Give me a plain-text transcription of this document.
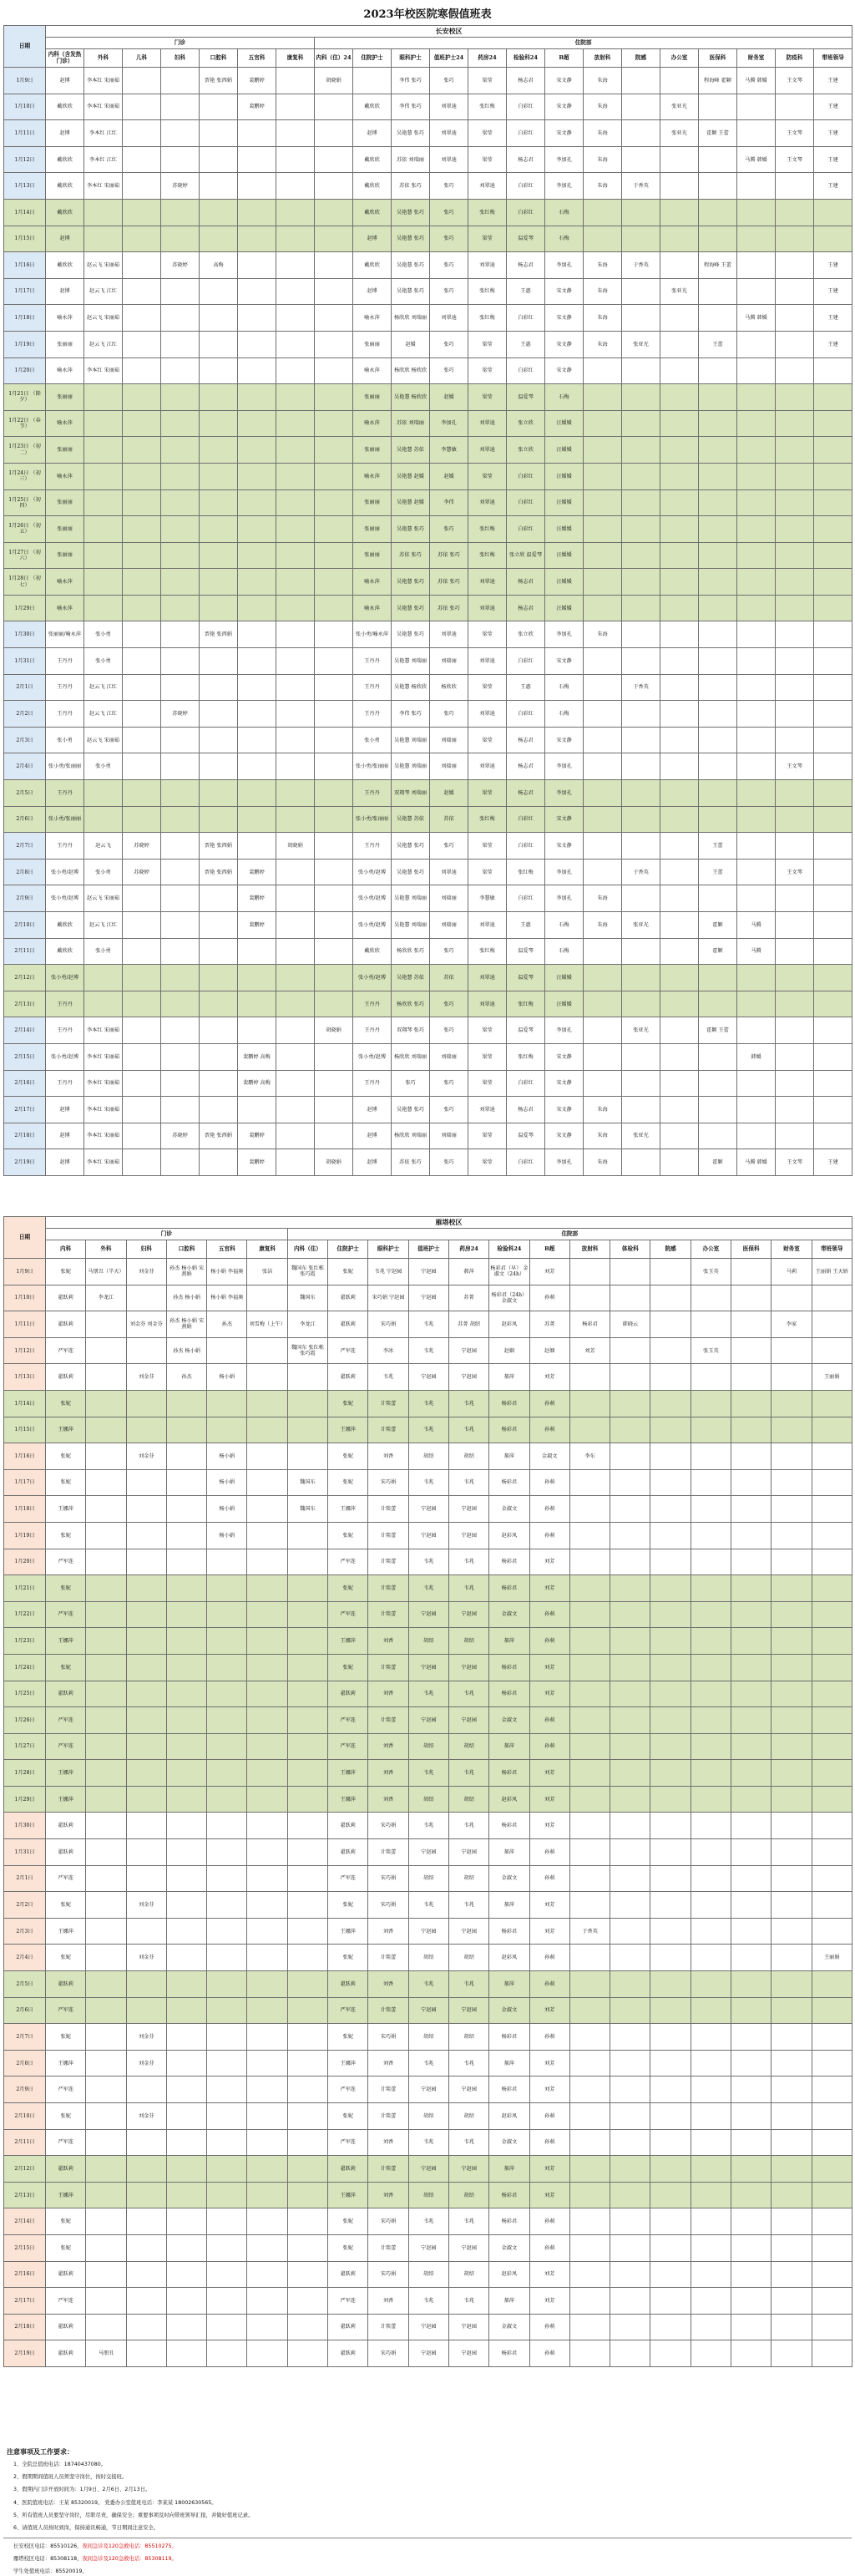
2023年校医院寒假值班表
日期	长安校区																				
	门诊							住院部													
	内科（含发热门诊）	外科	儿科	妇科	口腔科	五官科	康复科	内科（住）24	住院护士	眼科护士	值班护士24	药房24	检验科24	B超	放射科	院感	办公室	医保科	财务室	防疫科	带班领导
1月9日	赵博	李本红 宋丽茹			贾艳 张西娟	裴鹏婷		胡晓娟		李伟 张巧	张巧	梁莹	杨志君	宋文静	朱海			程海峰 霍颖	马腾 韩媛	王文琴	王建
1月10日	戴欣欣	李本红 宋丽茹				裴鹏婷			戴欣欣	李伟 张巧	刘翠迪	张红梅	白彩红	宋文静	朱海		张亚光				王建
1月11日	赵博	李本红 江红							赵博	吴艳慧 张巧	刘翠迪	梁莹	白彩红	宋文静	朱海		张亚光	霍颖 王蕾		王文琴	王建
1月12日	戴欣欣	李本红 江红							戴欣欣	苏依 刘瑞丽	刘翠迪	梁莹	杨志君	李加孔	朱海				马腾 韩媛	王文琴	王建
1月13日	戴欣欣	李本红 宋丽茹		苏晓婷					戴欣欣	苏依 张巧	张巧	刘翠迪	白彩红	李加孔	朱海	于香英					王建
1月14日	戴欣欣								戴欣欣	吴艳慧 张巧	张巧	张红梅	白彩红	石梅							
1月15日	赵博								赵博	吴艳慧 张巧	张巧	梁莹	温爱琴	石梅							
1月16日	戴欣欣	赵云飞 宋丽茹		苏晓婷	高梅				戴欣欣	吴艳慧 张巧	张巧	刘翠迪	杨志君	李加孔	朱海	于香英		程海峰 王蕾			王建
1月17日	赵博	赵云飞 江红							赵博	吴艳慧 张巧	张巧	张红梅	王惠	宋文静	朱海		张亚光				王建
1月18日	喻永萍	赵云飞 宋丽茹							喻永萍	杨欣欣 刘瑞丽	刘翠迪	张红梅	白彩红	宋文静	朱海				马腾 韩媛		王建
1月19日	张丽丽	赵云飞 江红							张丽丽	赵媛	张巧	梁莹	王惠	宋文静	朱海	张亚光		王蕾			王建
1月20日	喻永萍	李本红 宋丽茹							喻永萍	杨欣欣 杨欣欣	张巧	梁莹	白彩红	宋文静							
1月21日 （除夕）	张丽丽								张丽丽	吴艳慧 杨欣欣	赵媛	梁莹	温爱琴	石梅							
1月22日 （春节）	喻永萍								喻永萍	苏依 刘瑞丽	李加孔	刘翠迪	张立欣	汪媛媛							
1月23日 （初二）	张丽丽								张丽丽	吴艳慧 苏依	李慧敏	刘翠迪	张立欣	汪媛媛							
1月24日 （初三）	喻永萍								喻永萍	吴艳慧 赵媛	赵媛	梁莹	白彩红	汪媛媛							
1月25日 （初四）	张丽丽								张丽丽	吴艳慧 赵媛	李伟	刘翠迪	白彩红	汪媛媛							
1月26日 （初五）	张丽丽								张丽丽	吴艳慧 张巧	张巧	张红梅	白彩红	汪媛媛							
1月27日 （初六）	张丽丽								张丽丽	苏依 张巧	苏依 张巧	张红梅	张立欣 温爱琴	汪媛媛							
1月28日 （初七）	喻永萍								喻永萍	吴艳慧 张巧	苏依 张巧	刘翠迪	杨志君	汪媛媛							
1月29日	喻永萍								喻永萍	吴艳慧 张巧	苏依 张巧	刘翠迪	杨志君	汪媛媛							
1月30日	张丽丽/喻永萍	张小勇			贾艳 张西娟				张小勇/喻永萍	吴艳慧 张巧	刘翠迪	梁莹	张立欣	李加孔	朱海						
1月31日	王丹丹	张小勇							王丹丹	吴艳慧 刘瑞丽	刘瑞丽	刘翠迪	白彩红	宋文静							
2月1日	王丹丹	赵云飞 江红							王丹丹	吴艳慧 杨欣欣	杨欣欣	梁莹	王惠	石梅		于香英					
2月2日	王丹丹	赵云飞 江红		苏晓婷					王丹丹	李伟 张巧	张巧	刘翠迪	白彩红	石梅							
2月3日	张小勇	赵云飞 宋丽茹							张小勇	吴艳慧 刘瑞丽	刘瑞丽	梁莹	杨志君	宋文静							
2月4日	张小勇/张丽丽	张小勇							张小勇/张丽丽	吴艳慧 刘瑞丽	刘瑞丽	刘翠迪	杨志君	李加孔						王文琴	
2月5日	王丹丹								王丹丹	双翔琴 刘瑞丽	赵媛	梁莹	杨志君	李加孔							
2月6日	张小勇/张丽丽								张小勇/张丽丽	吴艳慧 苏依	苏依	张红梅	白彩红	宋文静							
2月7日	王丹丹	赵云飞	苏晓婷		贾艳 张西娟		胡晓娟		王丹丹	吴艳慧 张巧	张巧	梁莹	白彩红	宋文静				王蕾			
2月8日	张小勇/赵博	张小勇	苏晓婷		贾艳 张西娟	裴鹏婷			张小勇/赵博	吴艳慧 张巧	刘翠迪	梁莹	张红梅	李加孔		于香英		王蕾		王文琴	
2月9日	张小勇/赵博	赵云飞 宋丽茹				裴鹏婷			张小勇/赵博	吴艳慧 刘瑞丽	刘瑞丽	李慧敏	白彩红	李加孔	朱海						
2月10日	戴欣欣	赵云飞 江红				裴鹏婷			张小勇/赵博	吴艳慧 刘瑞丽	刘瑞丽	刘翠迪	王惠	石梅	朱海	张亚光		霍颖	马腾		
2月11日	戴欣欣	张小勇							戴欣欣	杨欣欣 张巧	张巧	张红梅	温爱琴	石梅				霍颖	马腾		
2月12日	张小勇/赵博								张小勇/赵博	吴艳慧 苏依	苏依	刘翠迪	温爱琴	汪媛媛							
2月13日	王丹丹								王丹丹	杨欣欣 张巧	张巧	刘翠迪	张红梅	汪媛媛							
2月14日	王丹丹	李本红 宋丽茹						胡晓娟	王丹丹	双翔琴 张巧	张巧	梁莹	温爱琴	李加孔		张亚光		霍颖 王蕾			
2月15日	张小勇/赵博	李本红 宋丽茹				裴鹏婷 高梅			张小勇/赵博	杨欣欣 刘瑞丽	刘瑞丽	梁莹	张红梅	宋文静					韩媛		
2月16日	王丹丹	李本红 宋丽茹				裴鹏婷 高梅			王丹丹	张巧	张巧	梁莹	白彩红	宋文静							
2月17日	赵博	李本红 宋丽茹							赵博	吴艳慧 张巧	张巧	刘翠迪	杨志君	宋文静	朱海						
2月18日	赵博	李本红 宋丽茹		苏晓婷	贾艳 张西娟	裴鹏婷			赵博	杨欣欣 刘瑞丽	刘瑞丽	梁莹	温爱琴	宋文静	朱海	张亚光					
2月19日	赵博	李本红 宋丽茹				裴鹏婷		胡晓娟	赵博	苏依 张巧	张巧	梁莹	白彩红	李加孔	朱海			霍颖	马腾 韩媛	王文琴	王建
日期	雁塔校区																			
	门诊						住院部													
	内科	外科	妇科	口腔科	五官科	康复科	内科（住）	住院护士	眼科护士	值班护士	药房24	检验科24	B超	放射科	体检科	院感	办公室	医保科	财务室	带班领导
1月9日	张妮	马朋丑（半天）	刘金芬	孙杰 杨小娟 宋燕娟	杨小娟 李福奥	张洁	魏国东 张红栋 张巧霞	张妮	韦兆 宁赵园	宁赵园	郝萍	杨彩君（早） 金淑文（24h）	刘芳				张玉英		马莉	王丽娟 王天娇
1月10日	翟跃莉	李龙江		孙杰 杨小娟	杨小娟 李福奥		魏国东	翟跃莉	宋巧娟 宁赵园	宁赵园	苏菁	杨彩君（24h） 金淑文	孙萌							
1月11日	翟跃莉		刘金芬 刘金芬	孙杰 杨小娟 宋燕娟	孙杰	刘雪梅（上午）	李龙江	翟跃莉	宋巧娟	韦兆	苏菁 胡绍	赵彩凤	苏菁	杨彩君	韩晓云				李家	
1月12日	严军连			孙杰 杨小娟			魏国东 张红栋 张巧霞	严军连	李冰	韦兆	宁赵园	赵姻	赵姻	刘芳			张玉英			
1月13日	翟跃莉		刘金芬	孙杰	杨小娟			翟跃莉	韦兆	宁赵园	宁赵园	郝萍	刘芳							王丽娟
1月14日	张妮							张妮	计琰蕾	韦兆	韦兆	杨彩君	孙萌							
1月15日	王娜萍							王娜萍	计琰蕾	韦兆	韦兆	杨彩君	孙萌							
1月16日	张妮		刘金芬		杨小娟			张妮	刘香	胡绍	胡绍	郝萍	金淑文	李东						
1月17日	张妮				杨小娟		魏国东	张妮	宋巧娟	韦兆	韦兆	杨彩君	孙萌							
1月18日	王娜萍				杨小娟		魏国东	王娜萍	计琰蕾	宁赵园	宁赵园	金淑文	孙萌							
1月19日	张妮				杨小娟			张妮	计琰蕾	宁赵园	宁赵园	赵彩凤	孙萌							
1月20日	严军连							严军连	计琰蕾	韦兆	韦兆	杨彩君	刘芳							
1月21日	张妮							张妮	计琰蕾	韦兆	韦兆	杨彩君	刘芳							
1月22日	严军连							严军连	计琰蕾	宁赵园	宁赵园	金淑文	孙萌							
1月23日	王娜萍							王娜萍	刘香	胡绍	胡绍	郝萍	孙萌							
1月24日	张妮							张妮	计琰蕾	宁赵园	宁赵园	杨彩君	刘芳							
1月25日	翟跃莉							翟跃莉	刘香	韦兆	韦兆	杨彩君	刘芳							
1月26日	严军连							严军连	计琰蕾	宁赵园	宁赵园	金淑文	孙萌							
1月27日	严军连							严军连	刘香	胡绍	胡绍	郝萍	孙萌							
1月28日	王娜萍							王娜萍	刘香	韦兆	韦兆	杨彩君	刘芳							
1月29日	王娜萍							王娜萍	刘香	胡绍	胡绍	赵彩凤	刘芳							
1月30日	翟跃莉							翟跃莉	宋巧娟	韦兆	韦兆	杨彩君	刘芳							
1月31日	翟跃莉							翟跃莉	计琰蕾	宁赵园	宁赵园	郝萍	孙萌							
2月1日	严军连							严军连	宋巧娟	胡绍	胡绍	金淑文	孙萌							
2月2日	张妮		刘金芬					张妮	宋巧娟	韦兆	韦兆	郝萍	刘芳							
2月3日	王娜萍							王娜萍	刘香	宁赵园	宁赵园	杨彩君	刘芳	于香英						
2月4日	张妮		刘金芬					张妮	计琰蕾	胡绍	胡绍	赵彩凤	孙萌							王丽娟
2月5日	翟跃莉							翟跃莉	刘香	韦兆	韦兆	郝萍	孙萌							
2月6日	严军连							严军连	计琰蕾	宁赵园	宁赵园	金淑文	刘芳							
2月7日	张妮		刘金芬					张妮	宋巧娟	胡绍	胡绍	杨彩君	孙萌							
2月8日	王娜萍		刘金芬					王娜萍	刘香	韦兆	韦兆	郝萍	刘芳							
2月9日	严军连							严军连	计琰蕾	宁赵园	宁赵园	杨彩君	刘芳							
2月10日	张妮		刘金芬					张妮	计琰蕾	胡绍	胡绍	赵彩凤	孙萌							
2月11日	严军连							严军连	刘香	韦兆	韦兆	金淑文	孙萌							
2月12日	翟跃莉							翟跃莉	计琰蕾	宁赵园	宁赵园	郝萍	刘芳							
2月13日	王娜萍							王娜萍	刘香	胡绍	胡绍	杨彩君	刘芳							
2月14日	张妮							张妮	宋巧娟	韦兆	韦兆	杨彩君	孙萌							
2月15日	张妮							张妮	计琰蕾	宁赵园	宁赵园	金淑文	孙萌							
2月16日	翟跃莉							翟跃莉	宋巧娟	胡绍	胡绍	赵彩凤	刘芳							
2月17日	严军连							严军连	刘香	韦兆	韦兆	郝萍	刘芳							
2月18日	翟跃莉							翟跃莉	计琰蕾	宁赵园	宁赵园	金淑文	孙萌							
2月19日	翟跃莉	马朋丑						翟跃莉	宋巧娟	宁赵园	宁赵园	杨彩君	孙萌							
注意事项及工作要求：
1、全院总值班电话：18740437080。
2、假期期间值班人员须坚守岗位，按时交接班。
3、假期内门诊开放时间为：1月9日、2月6日、2月13日。
4、医院值班电话：王某 85320019。 党委办公室值班电话：李某某 18002630565。
5、所有值班人员要坚守岗位，尽职尽责，确保安全；重要事项及时向带班领导汇报，并做好值班记录。
6、请值班人员按时到岗，保持通讯畅通，节日期间注意安全。
长安校区电话：85510126，夜间急诊及120急救电话：85510275。
雁塔校区电话：85308118，夜间急诊及120急救电话：85308119。
学生处值班电话：85520019。
